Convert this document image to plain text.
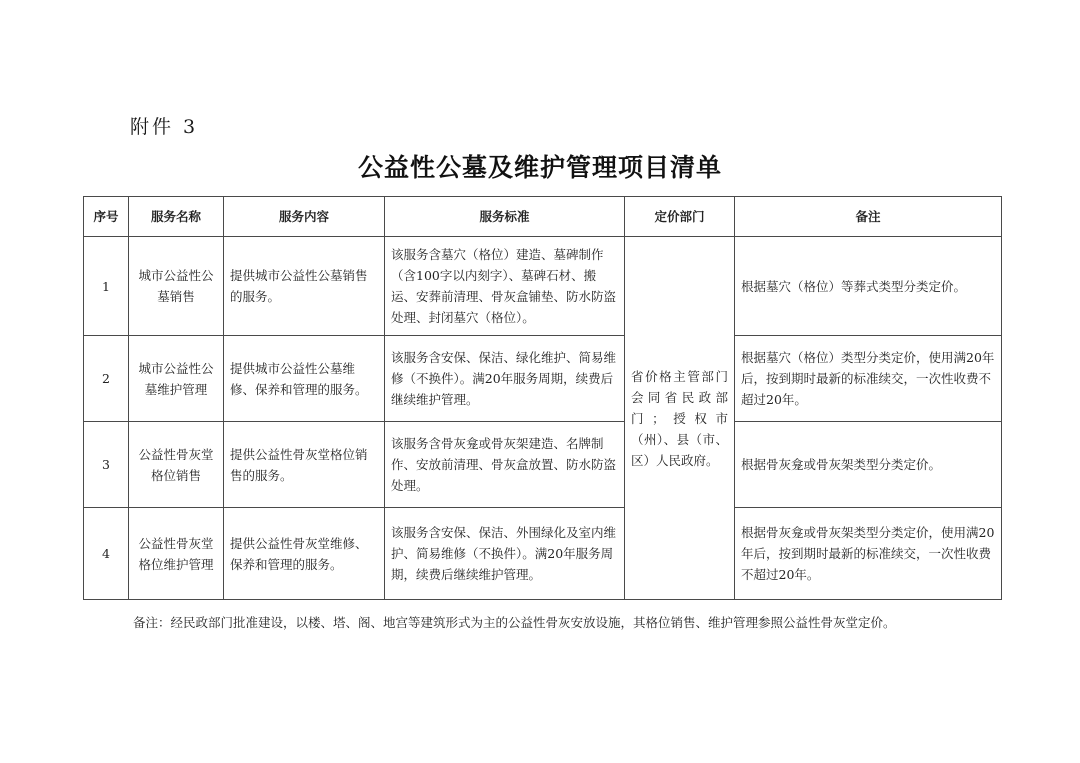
附件 3
公益性公墓及维护管理项目清单
序号	服务名称	服务内容	服务标准	定价部门	备注
1	城市公益性公墓销售	提供城市公益性公墓销售的服务。	该服务含墓穴（格位）建造、墓碑制作（含100字以内刻字）、墓碑石材、搬运、安葬前清理、骨灰盒铺垫、防水防盗处理、封闭墓穴（格位）。	省价格主管部门会同省民政部门；授权市（州）、县（市、区）人民政府。	根据墓穴（格位）等葬式类型分类定价。
2	城市公益性公墓维护管理	提供城市公益性公墓维修、保养和管理的服务。	该服务含安保、保洁、绿化维护、简易维修（不换件）。满20年服务周期，续费后继续维护管理。		根据墓穴（格位）类型分类定价，使用满20年后，按到期时最新的标准续交，一次性收费不超过20年。
3	公益性骨灰堂格位销售	提供公益性骨灰堂格位销售的服务。	该服务含骨灰龛或骨灰架建造、名牌制作、安放前清理、骨灰盒放置、防水防盗处理。		根据骨灰龛或骨灰架类型分类定价。
4	公益性骨灰堂格位维护管理	提供公益性骨灰堂维修、保养和管理的服务。	该服务含安保、保洁、外围绿化及室内维护、简易维修（不换件）。满20年服务周期，续费后继续维护管理。		根据骨灰龛或骨灰架类型分类定价，使用满20年后，按到期时最新的标准续交，一次性收费不超过20年。
备注：经民政部门批准建设，以楼、塔、阁、地宫等建筑形式为主的公益性骨灰安放设施，其格位销售、维护管理参照公益性骨灰堂定价。
